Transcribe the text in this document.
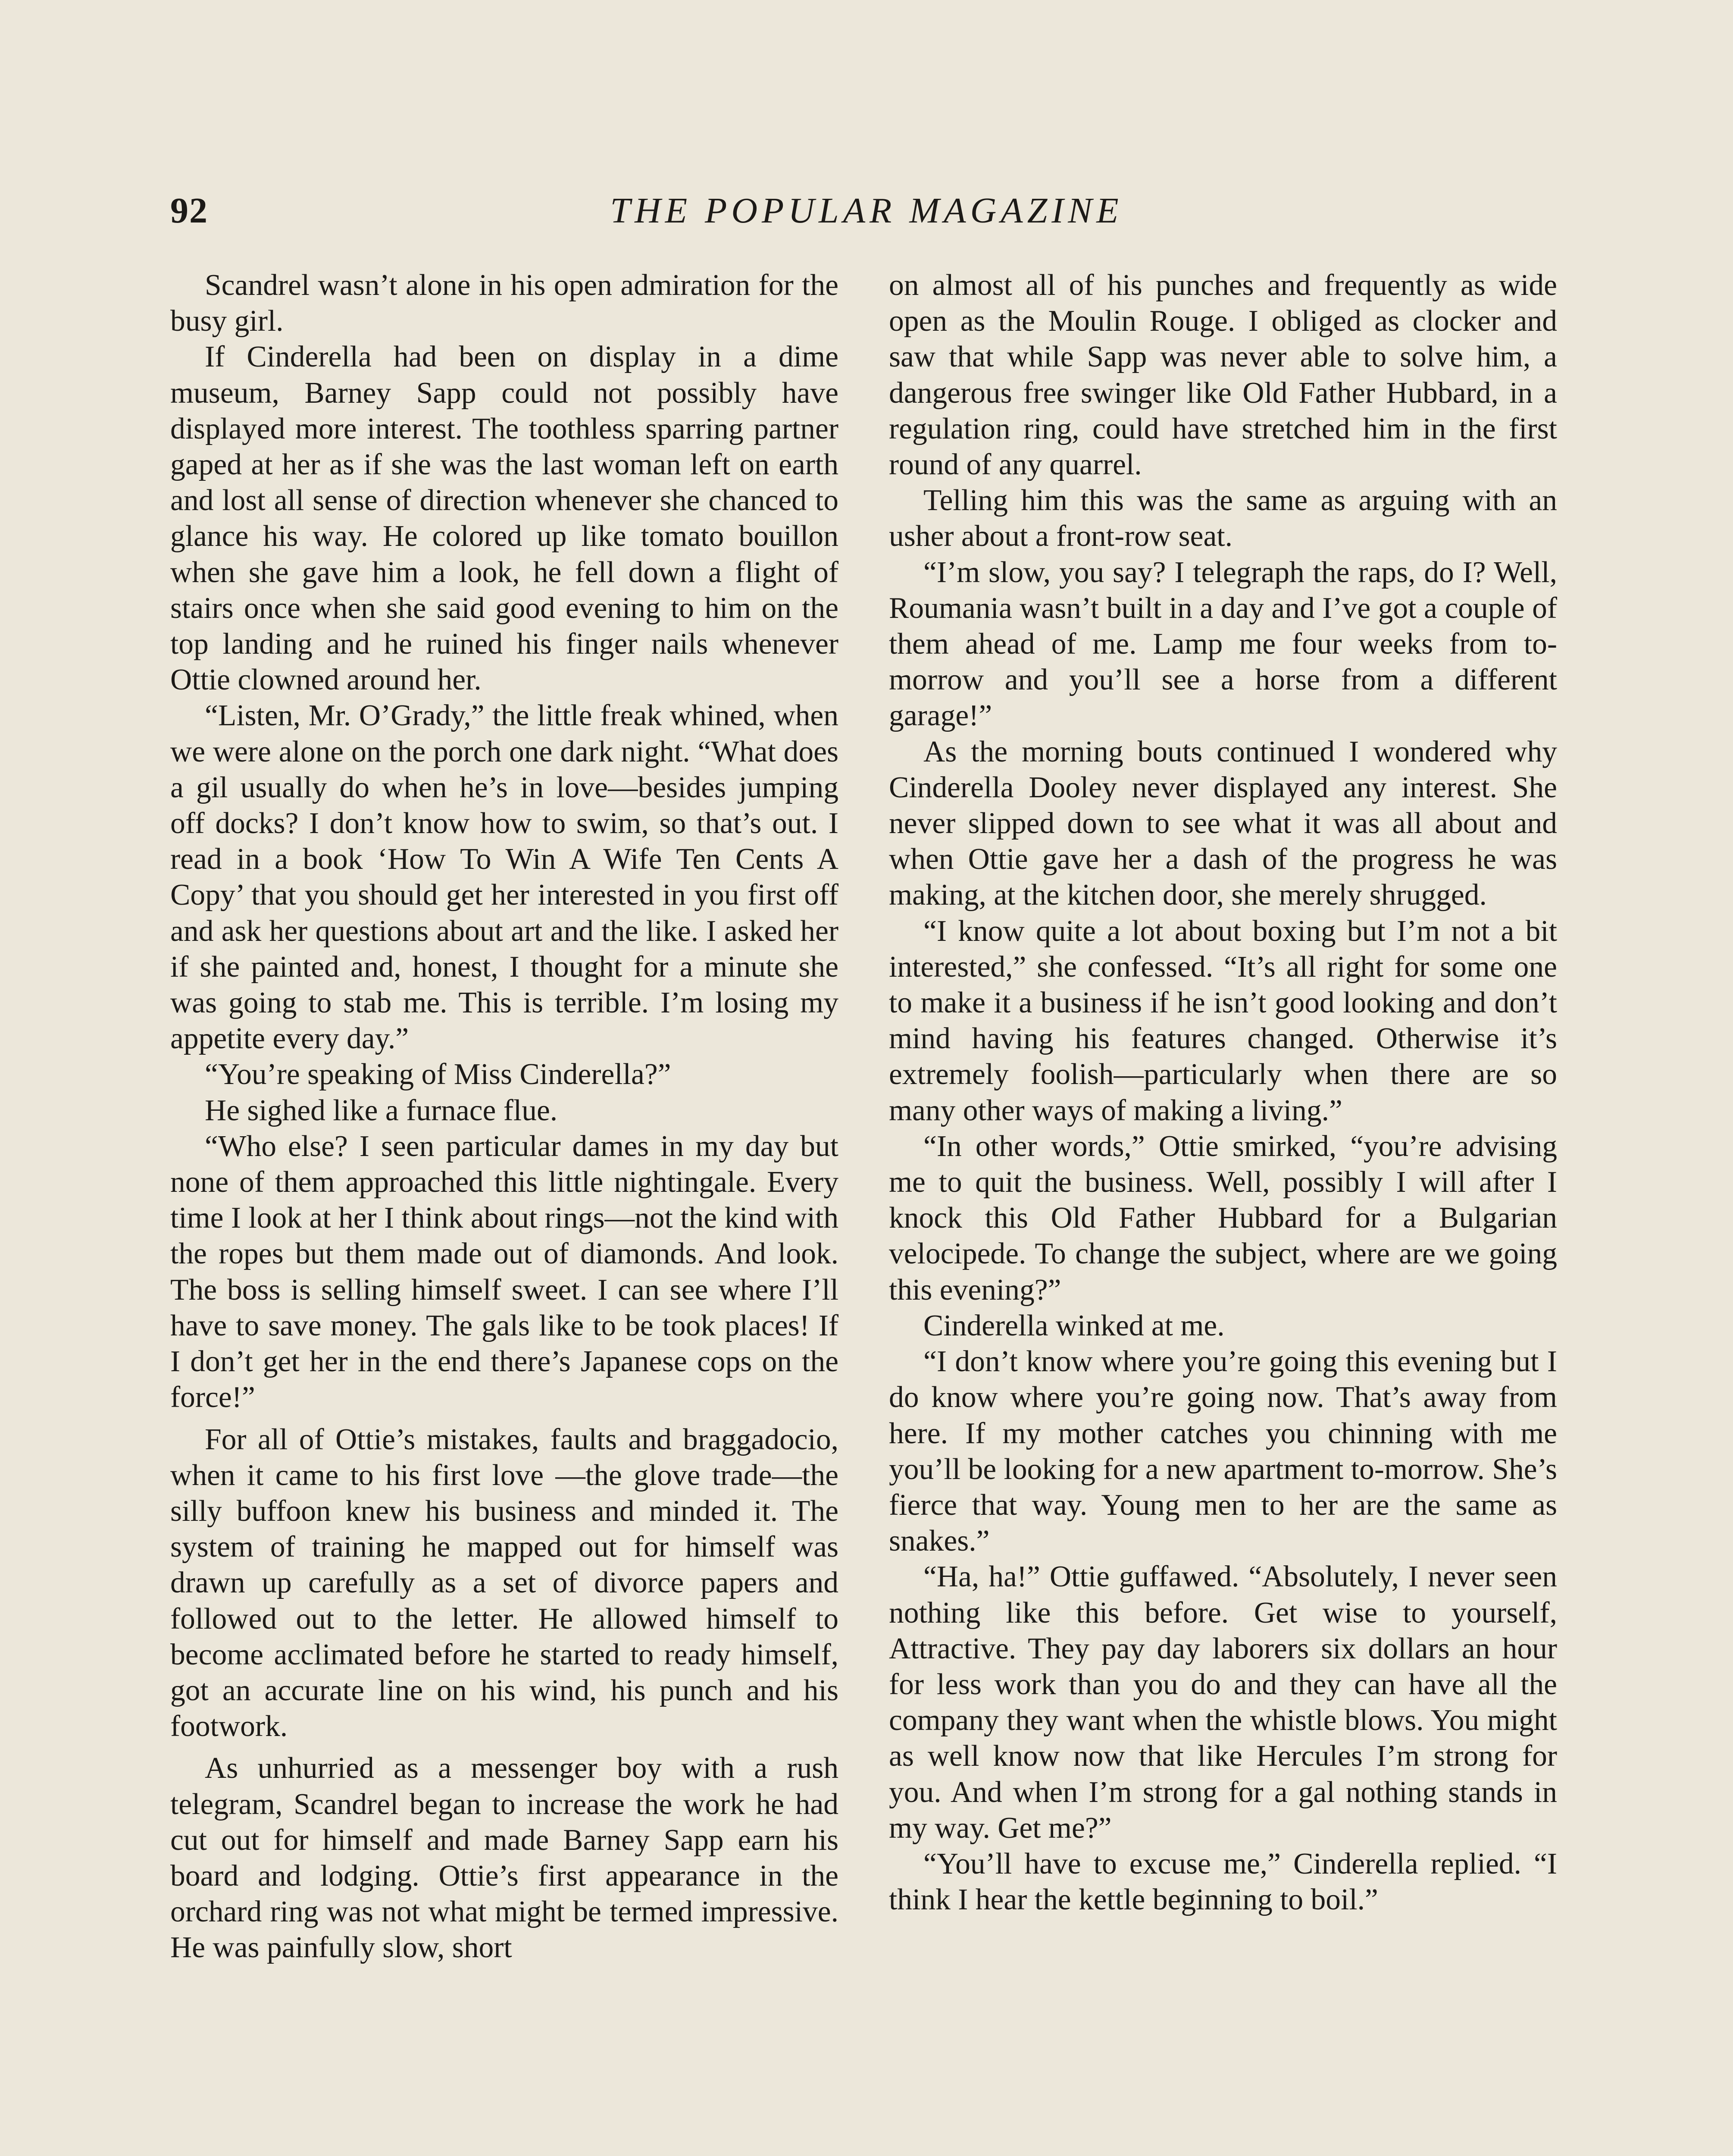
92	THE POPULAR MAGAZINE

Scandrel wasn’t alone in his open admiration for the busy girl.

If Cinderella had been on display in a dime museum, Barney Sapp could not possibly have displayed more interest. The toothless sparring partner gaped at her as if she was the last woman left on earth and lost all sense of direction whenever she chanced to glance his way. He colored up like tomato bouillon when she gave him a look, he fell down a flight of stairs once when she said good evening to him on the top landing and he ruined his finger nails whenever Ottie clowned around her.

“Listen, Mr. O’Grady,” the little freak whined, when we were alone on the porch one dark night. “What does a gil usually do when he’s in love—besides jumping off docks? I don’t know how to swim, so that’s out. I read in a book ‘How To Win A Wife Ten Cents A Copy’ that you should get her interested in you first off and ask her questions about art and the like. I asked her if she painted and, honest, I thought for a minute she was going to stab me. This is terrible. I’m losing my appetite every day.”

“You’re speaking of Miss Cinderella?”

He sighed like a furnace flue.

“Who else? I seen particular dames in my day but none of them approached this little nightingale. Every time I look at her I think about rings—not the kind with the ropes but them made out of diamonds. And look. The boss is selling himself sweet. I can see where I’ll have to save money. The gals like to be took places! If I don’t get her in the end there’s Japanese cops on the force!”

For all of Ottie’s mistakes, faults and braggadocio, when it came to his first love —the glove trade—the silly buffoon knew his business and minded it. The system of training he mapped out for himself was drawn up carefully as a set of divorce papers and followed out to the letter. He allowed himself to become acclimated before he started to ready himself, got an accurate line on his wind, his punch and his footwork.

As unhurried as a messenger boy with a rush telegram, Scandrel began to increase the work he had cut out for himself and made Barney Sapp earn his board and lodging. Ottie’s first appearance in the orchard ring was not what might be termed impressive. He was painfully slow, short

on almost all of his punches and frequently as wide open as the Moulin Rouge. I obliged as clocker and saw that while Sapp was never able to solve him, a dangerous free swinger like Old Father Hubbard, in a regulation ring, could have stretched him in the first round of any quarrel.

Telling him this was the same as arguing with an usher about a front-row seat.

“I’m slow, you say? I telegraph the raps, do I? Well, Roumania wasn’t built in a day and I’ve got a couple of them ahead of me. Lamp me four weeks from to-morrow and you’ll see a horse from a different garage!”

As the morning bouts continued I wondered why Cinderella Dooley never displayed any interest. She never slipped down to see what it was all about and when Ottie gave her a dash of the progress he was making, at the kitchen door, she merely shrugged.

“I know quite a lot about boxing but I’m not a bit interested,” she confessed. “It’s all right for some one to make it a business if he isn’t good looking and don’t mind having his features changed. Otherwise it’s extremely foolish—particularly when there are so many other ways of making a living.”

“In other words,” Ottie smirked, “you’re advising me to quit the business. Well, possibly I will after I knock this Old Father Hubbard for a Bulgarian velocipede. To change the subject, where are we going this evening?”

Cinderella winked at me.

“I don’t know where you’re going this evening but I do know where you’re going now. That’s away from here. If my mother catches you chinning with me you’ll be looking for a new apartment to-morrow. She’s fierce that way. Young men to her are the same as snakes.”

“Ha, ha!” Ottie guffawed. “Absolutely, I never seen nothing like this before. Get wise to yourself, Attractive. They pay day laborers six dollars an hour for less work than you do and they can have all the company they want when the whistle blows. You might as well know now that like Hercules I’m strong for you. And when I’m strong for a gal nothing stands in my way. Get me?”

“You’ll have to excuse me,” Cinderella replied. “I think I hear the kettle beginning to boil.”
